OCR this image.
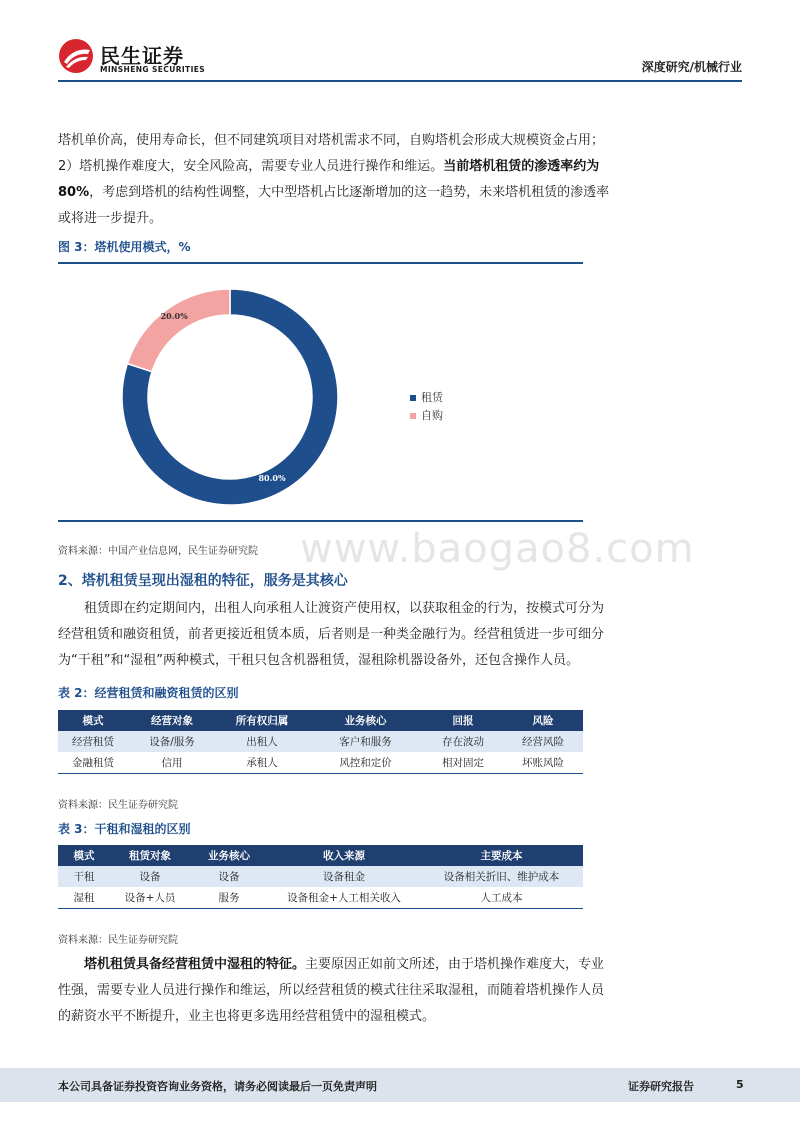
民生证券
MINSHENG SECURITIES	深度研究/机械行业
塔机单价高，使用寿命长，但不同建筑项目对塔机需求不同，自购塔机会形成大规模资金占用；
2）塔机操作难度大，安全风险高，需要专业人员进行操作和维运。当前塔机租赁的渗透率约为
80%，考虑到塔机的结构性调整，大中型塔机占比逐渐增加的这一趋势，未来塔机租赁的渗透率
或将进一步提升。
图 3：塔机使用模式，%
80.0%
20.0%
租赁
自购
资料来源：中国产业信息网，民生证券研究院 www.baogao8.com
2、塔机租赁呈现出湿租的特征，服务是其核心
租赁即在约定期间内，出租人向承租人让渡资产使用权，以获取租金的行为，按模式可分为
经营租赁和融资租赁，前者更接近租赁本质，后者则是一种类金融行为。经营租赁进一步可细分
为“干租”和“湿租”两种模式，干租只包含机器租赁，湿租除机器设备外，还包含操作人员。
表 2：经营租赁和融资租赁的区别
模式	经营对象	所有权归属	业务核心	回报	风险
经营租赁	设备/服务	出租人	客户和服务	存在波动	经营风险
金融租赁	信用	承租人	风控和定价	相对固定	坏账风险
资料来源：民生证券研究院
表 3：干租和湿租的区别
模式	租赁对象	业务核心	收入来源	主要成本
干租	设备	设备	设备租金	设备相关折旧、维护成本
湿租	设备+人员	服务	设备租金+人工相关收入	人工成本
资料来源：民生证券研究院
塔机租赁具备经营租赁中湿租的特征。主要原因正如前文所述，由于塔机操作难度大，专业
性强，需要专业人员进行操作和维运，所以经营租赁的模式往往采取湿租，而随着塔机操作人员
的薪资水平不断提升，业主也将更多选用经营租赁中的湿租模式。
本公司具备证券投资咨询业务资格，请务必阅读最后一页免责声明	证券研究报告	5
